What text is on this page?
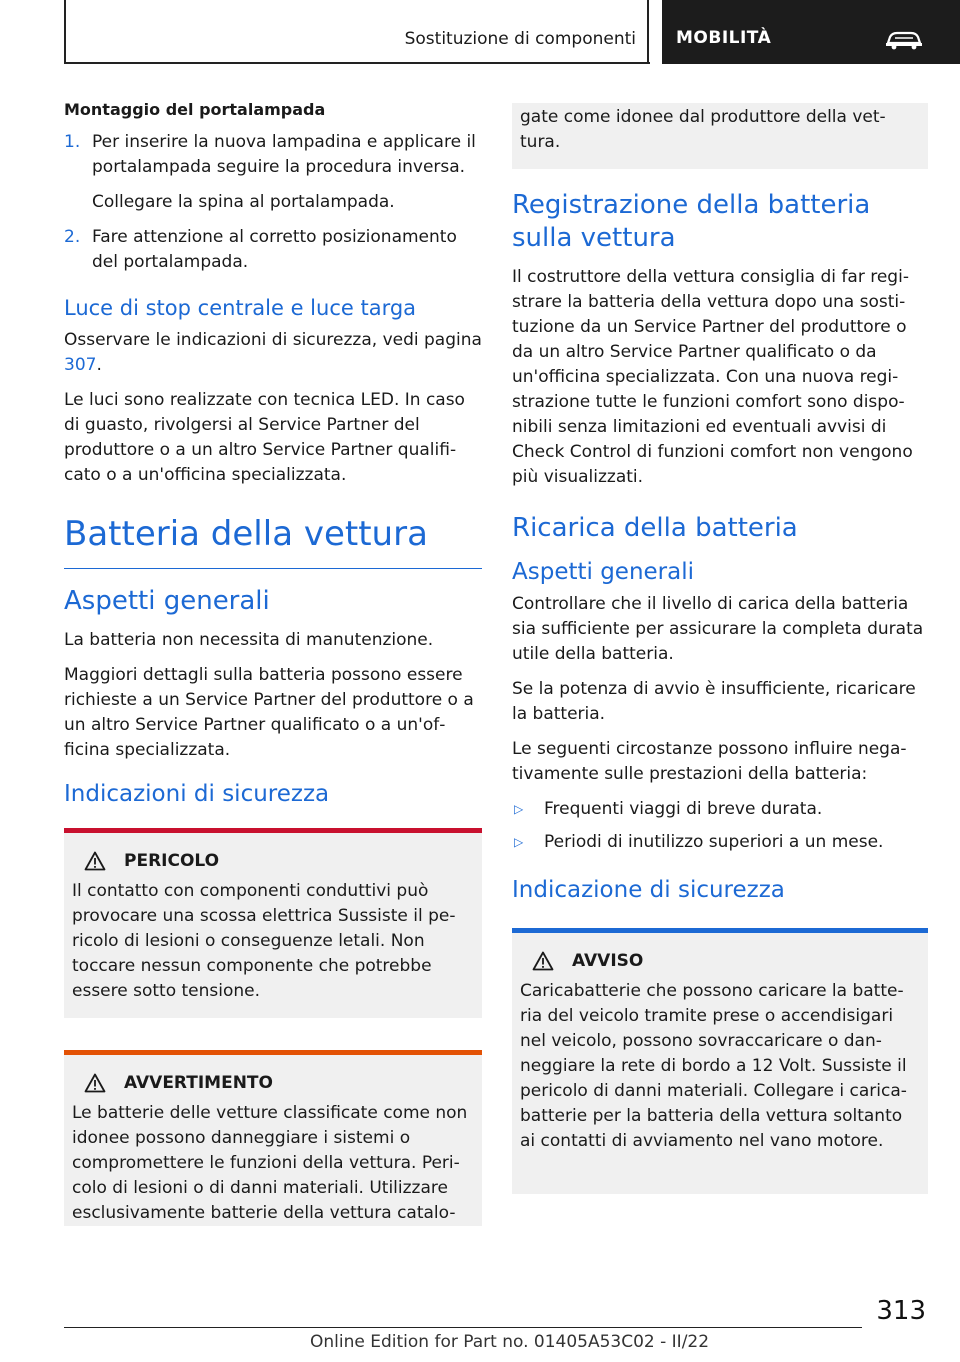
Sostituzione di componenti MOBILITÀ
Montaggio del portalampada
1. Per inserire la nuova lampadina e applicare il portalampada seguire la procedura inversa.

Collegare la spina al portalampada.

2. Fare attenzione al corretto posizionamento del portalampada.

Luce di stop centrale e luce targa

Osservare le indicazioni di sicurezza, vedi pagina 307.

Le luci sono realizzate con tecnica LED. In caso di guasto, rivolgersi al Service Partner del produttore o a un altro Service Partner qualificato o a un'officina specializzata.

Batteria della vettura
Aspetti generali

La batteria non necessita di manutenzione.

Maggiori dettagli sulla batteria possono essere richieste a un Service Partner del produttore o a un altro Service Partner qualificato o a un'officina specializzata.

Indicazioni di sicurezza
PERICOLO

Il contatto con componenti conduttivi può provocare una scossa elettrica Sussiste il pericolo di lesioni o conseguenze letali. Non toccare nessun componente che potrebbe essere sotto tensione.

AVVERTIMENTO

Le batterie delle vetture classificate come non idonee possono danneggiare i sistemi o compromettere le funzioni della vettura. Pericolo di lesioni o di danni materiali. Utilizzare esclusivamente batterie della vettura catalo-

gate come idonee dal produttore della vettura.

Registrazione della batteria sulla vettura

Il costruttore della vettura consiglia di far registrare la batteria della vettura dopo una sostituzione da un Service Partner del produttore o da un altro Service Partner qualificato o da un'officina specializzata. Con una nuova registrazione tutte le funzioni comfort sono disponibili senza limitazioni ed eventuali avvisi di Check Control di funzioni comfort non vengono più visualizzati.

Ricarica della batteria
Aspetti generali

Controllare che il livello di carica della batteria sia sufficiente per assicurare la completa durata utile della batteria.

Se la potenza di avvio è insufficiente, ricaricare la batteria.

Le seguenti circostanze possono influire negativamente sulle prestazioni della batteria:

▷	Frequenti viaggi di breve durata.
▷	Periodi di inutilizzo superiori a un mese.
Indicazione di sicurezza
AVVISO

Caricabatterie che possono caricare la batteria del veicolo tramite prese o accendisigari nel veicolo, possono sovraccaricare o danneggiare la rete di bordo a 12 Volt. Sussiste il pericolo di danni materiali. Collegare i caricabatterie per la batteria della vettura soltanto ai contatti di avviamento nel vano motore.

313
Online Edition for Part no. 01405A53C02 - II/22
